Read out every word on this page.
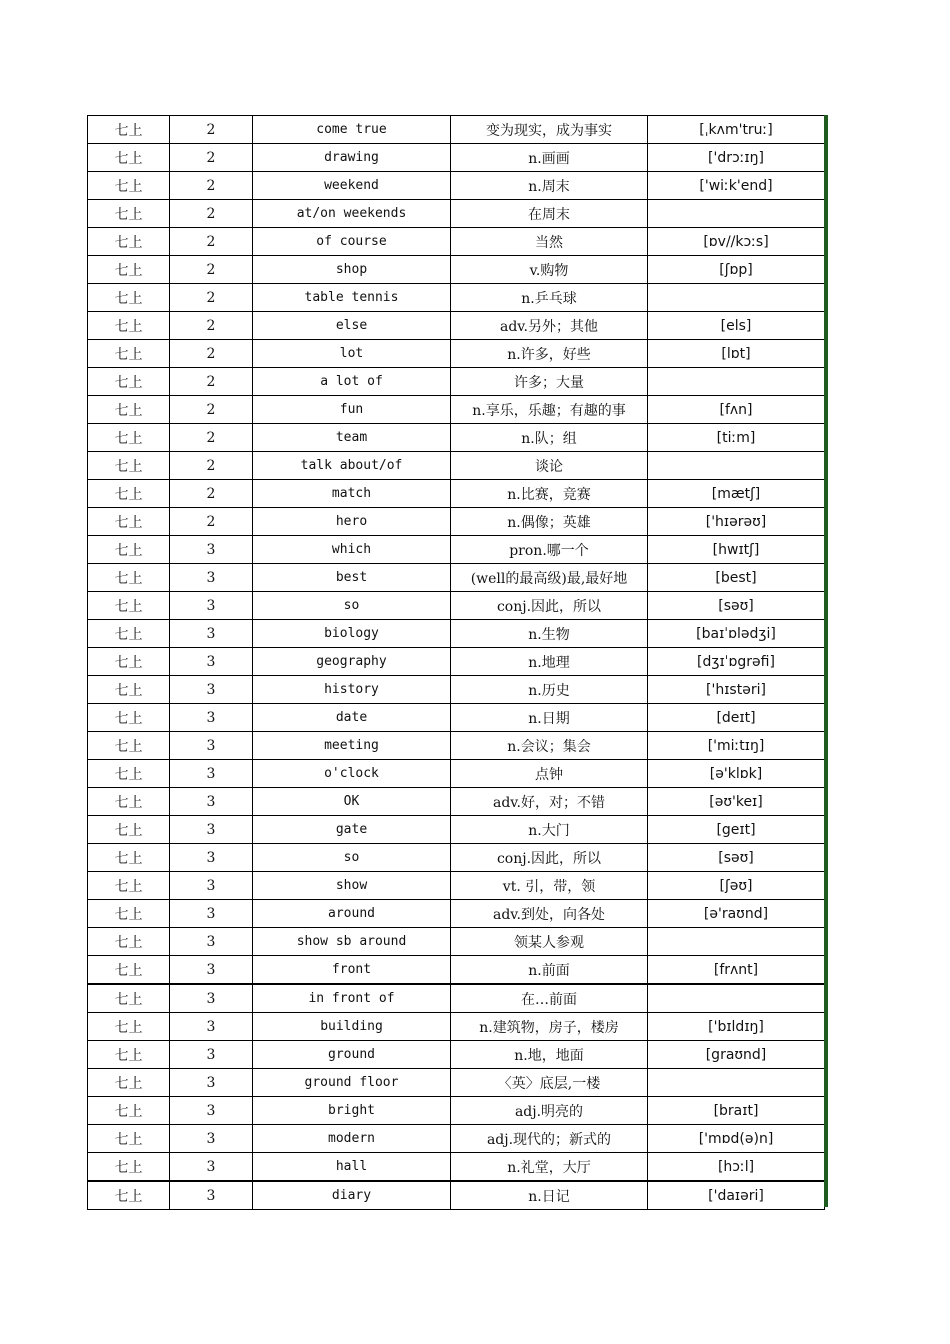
七上	2	come true	变为现实，成为事实	[ˌkʌm'truː]
七上	2	drawing	n.画画	['drɔːɪŋ]
七上	2	weekend	n.周末	['wiːk'end]
七上	2	at/on weekends	在周末	
七上	2	of course	当然	[ɒv//kɔːs]
七上	2	shop	v.购物	[ʃɒp]
七上	2	table tennis	n.乒乓球	
七上	2	else	adv.另外；其他	[els]
七上	2	lot	n.许多，好些	[lɒt]
七上	2	a lot of	许多；大量	
七上	2	fun	n.享乐，乐趣；有趣的事	[fʌn]
七上	2	team	n.队；组	[tiːm]
七上	2	talk about/of	谈论	
七上	2	match	n.比赛，竞赛	[mætʃ]
七上	2	hero	n.偶像；英雄	['hɪərəʊ]
七上	3	which	pron.哪一个	[hwɪtʃ]
七上	3	best	(well的最高级)最,最好地	[best]
七上	3	so	conj.因此，所以	[səʊ]
七上	3	biology	n.生物	[baɪˈɒlədʒi]
七上	3	geography	n.地理	[dʒɪˈɒgrəfi]
七上	3	history	n.历史	['hɪstəri]
七上	3	date	n.日期	[deɪt]
七上	3	meeting	n.会议；集会	['miːtɪŋ]
七上	3	o'clock	点钟	[ə'klɒk]
七上	3	OK	adv.好，对；不错	[əʊ'keɪ]
七上	3	gate	n.大门	[geɪt]
七上	3	so	conj.因此，所以	[səʊ]
七上	3	show	vt. 引，带，领	[ʃəʊ]
七上	3	around	adv.到处，向各处	[ə'raʊnd]
七上	3	show sb around	领某人参观	
七上	3	front	n.前面	[frʌnt]
七上	3	in front of	在…前面	
七上	3	building	n.建筑物，房子，楼房	['bɪldɪŋ]
七上	3	ground	n.地，地面	[graʊnd]
七上	3	ground floor	〈英〉底层,一楼	
七上	3	bright	adj.明亮的	[braɪt]
七上	3	modern	adj.现代的；新式的	['mɒd(ə)n]
七上	3	hall	n.礼堂，大厅	[hɔːl]
七上	3	diary	n.日记	['daɪəri]
